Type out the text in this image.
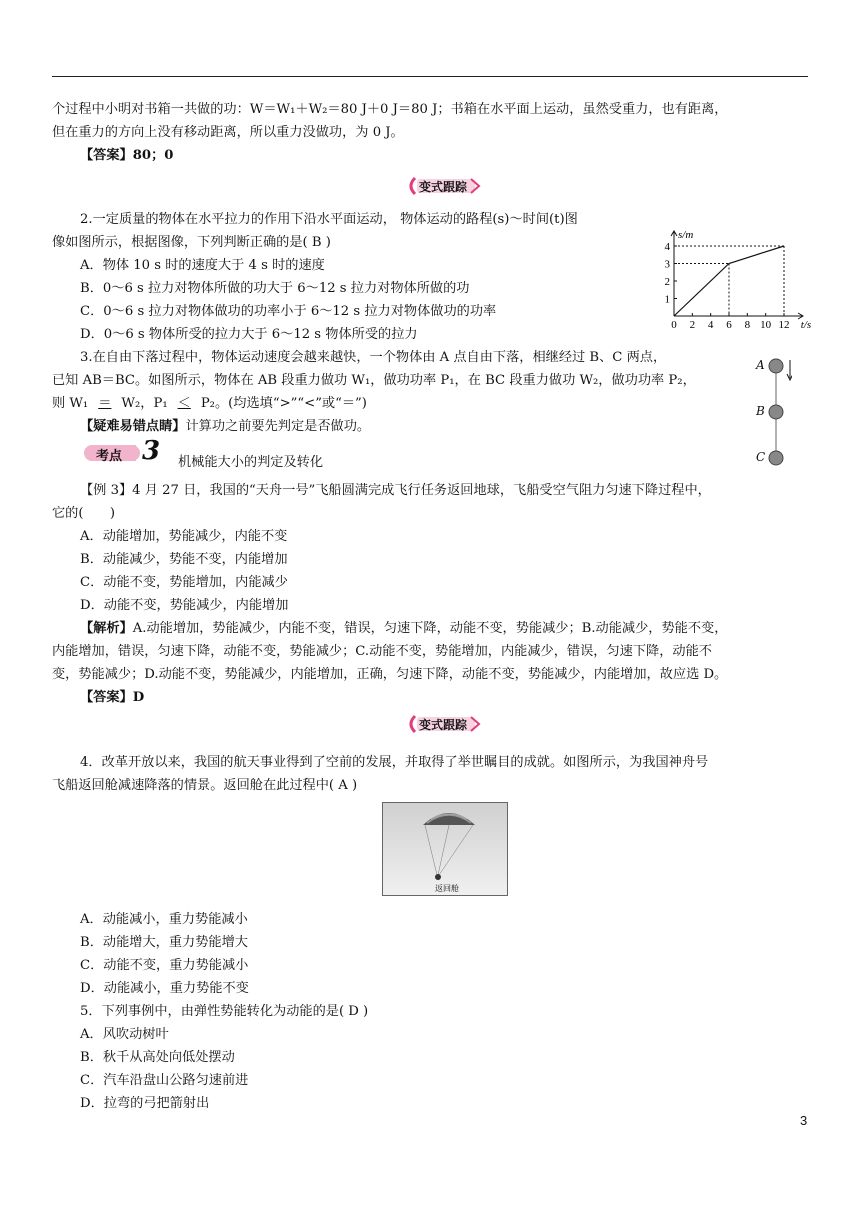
个过程中小明对书箱一共做的功：W＝W₁＋W₂＝80 J＋0 J＝80 J；书箱在水平面上运动，虽然受重力，也有距离，
但在重力的方向上没有移动距离，所以重力没做功，为 0 J。
【答案】80；0
变式跟踪
2.一定质量的物体在水平拉力的作用下沿水平面运动， 物体运动的路程(s)～时间(t)图
像如图所示，根据图像，下列判断正确的是( B )
A．物体 10 s 时的速度大于 4 s 时的速度
B．0～6 s 拉力对物体所做的功大于 6～12 s 拉力对物体所做的功
C．0～6 s 拉力对物体做功的功率小于 6～12 s 拉力对物体做功的功率
D．0～6 s 物体所受的拉力大于 6～12 s 物体所受的拉力
0 2 4 6 8 10 12
1
2
3
4
t/s
s/m
3.在自由下落过程中，物体运动速度会越来越快，一个物体由 A 点自由下落，相继经过 B、C 两点，
已知 AB＝BC。如图所示，物体在 AB 段重力做功 W₁，做功功率 P₁，在 BC 段重力做功 W₂，做功功率 P₂，
则 W₁ ＝ W₂，P₁ ＜ P₂。(均选填“>”“<”或“＝”)
【疑难易错点睛】计算功之前要先判定是否做功。
A
B
C
考点 3 机械能大小的判定及转化
【例 3】4 月 27 日，我国的“天舟一号”飞船圆满完成飞行任务返回地球，飞船受空气阻力匀速下降过程中，
它的(　　)
A．动能增加，势能减少，内能不变
B．动能减少，势能不变，内能增加
C．动能不变，势能增加，内能减少
D．动能不变，势能减少，内能增加
【解析】A.动能增加，势能减少，内能不变，错误，匀速下降，动能不变，势能减少；B.动能减少，势能不变，
内能增加，错误，匀速下降，动能不变，势能减少；C.动能不变，势能增加，内能减少，错误，匀速下降，动能不
变，势能减少；D.动能不变，势能减少，内能增加，正确，匀速下降，动能不变，势能减少，内能增加，故应选 D。
【答案】D
变式跟踪
4．改革开放以来，我国的航天事业得到了空前的发展，并取得了举世瞩目的成就。如图所示，为我国神舟号
飞船返回舱减速降落的情景。返回舱在此过程中( A )
返回舱
A．动能减小，重力势能减小
B．动能增大，重力势能增大
C．动能不变，重力势能减小
D．动能减小，重力势能不变
5．下列事例中，由弹性势能转化为动能的是( D )
A．风吹动树叶
B．秋千从高处向低处摆动
C．汽车沿盘山公路匀速前进
D．拉弯的弓把箭射出
3
